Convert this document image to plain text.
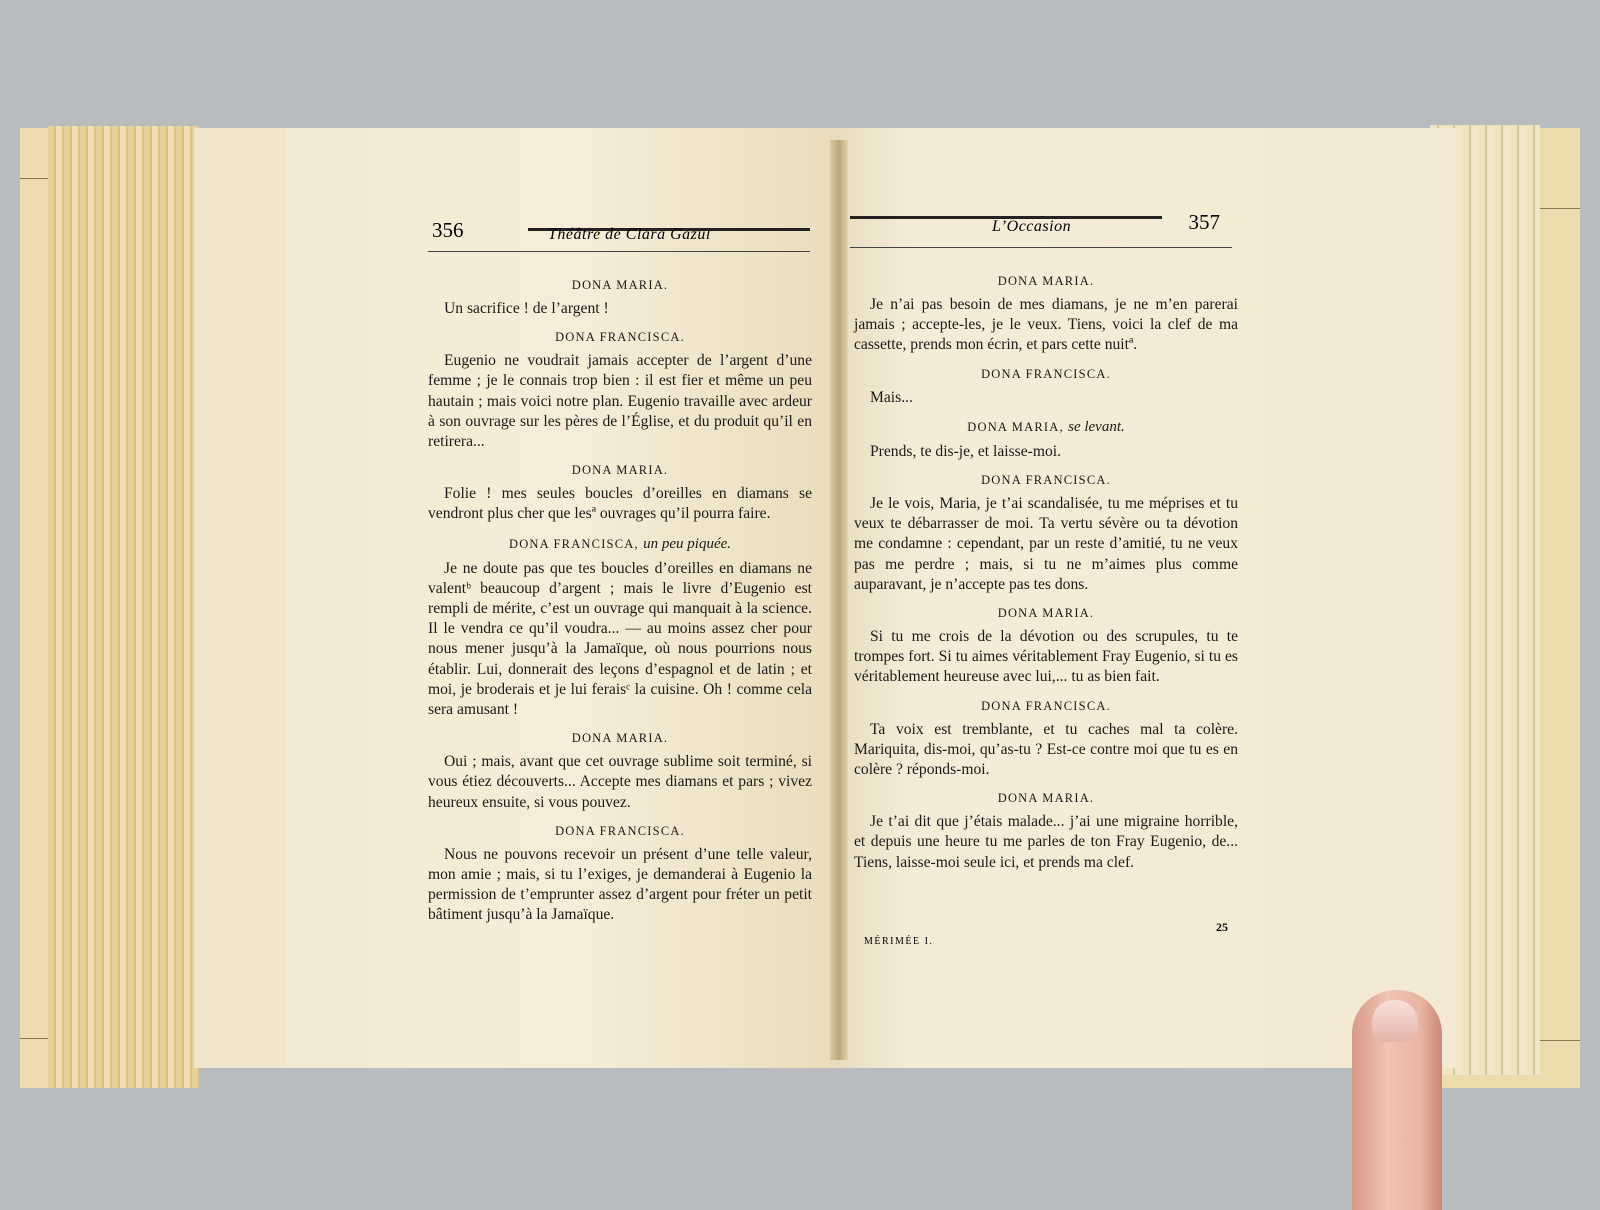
356	Théâtre de Clara Gazul
DONA MARIA.

Un sacrifice ! de l’argent !

DONA FRANCISCA.

Eugenio ne voudrait jamais accepter de l’argent d’une femme ; je le connais trop bien : il est fier et même un peu hautain ; mais voici notre plan. Eugenio travaille avec ardeur à son ouvrage sur les pères de l’Église, et du produit qu’il en retirera...

DONA MARIA.

Folie ! mes seules boucles d’oreilles en diamans se vendront plus cher que lesª ouvrages qu’il pourra faire.

DONA FRANCISCA, un peu piquée.

Je ne doute pas que tes boucles d’oreilles en diamans ne valentᵇ beaucoup d’argent ; mais le livre d’Eugenio est rempli de mérite, c’est un ouvrage qui manquait à la science. Il le vendra ce qu’il voudra... — au moins assez cher pour nous mener jusqu’à la Jamaïque, où nous pourrions nous établir. Lui, donnerait des leçons d’espagnol et de latin ; et moi, je broderais et je lui feraisᶜ la cuisine. Oh ! comme cela sera amusant !

DONA MARIA.

Oui ; mais, avant que cet ouvrage sublime soit terminé, si vous étiez découverts... Accepte mes diamans et pars ; vivez heureux ensuite, si vous pouvez.

DONA FRANCISCA.

Nous ne pouvons recevoir un présent d’une telle valeur, mon amie ; mais, si tu l’exiges, je demanderai à Eugenio la permission de t’emprunter assez d’argent pour fréter un petit bâtiment jusqu’à la Jamaïque.

L’Occasion	357
DONA MARIA.

Je n’ai pas besoin de mes diamans, je ne m’en parerai jamais ; accepte-les, je le veux. Tiens, voici la clef de ma cassette, prends mon écrin, et pars cette nuitª.

DONA FRANCISCA.

Mais...

DONA MARIA, se levant.

Prends, te dis-je, et laisse-moi.

DONA FRANCISCA.

Je le vois, Maria, je t’ai scandalisée, tu me méprises et tu veux te débarrasser de moi. Ta vertu sévère ou ta dévotion me condamne : cependant, par un reste d’amitié, tu ne veux pas me perdre ; mais, si tu ne m’aimes plus comme auparavant, je n’accepte pas tes dons.

DONA MARIA.

Si tu me crois de la dévotion ou des scrupules, tu te trompes fort. Si tu aimes véritablement Fray Eugenio, si tu es véritablement heureuse avec lui,... tu as bien fait.

DONA FRANCISCA.

Ta voix est tremblante, et tu caches mal ta colère. Mariquita, dis-moi, qu’as-tu ? Est-ce contre moi que tu es en colère ? réponds-moi.

DONA MARIA.

Je t’ai dit que j’étais malade... j’ai une migraine horrible, et depuis une heure tu me parles de ton Fray Eugenio, de... Tiens, laisse-moi seule ici, et prends ma clef.

MÉRIMÉE I.
25
